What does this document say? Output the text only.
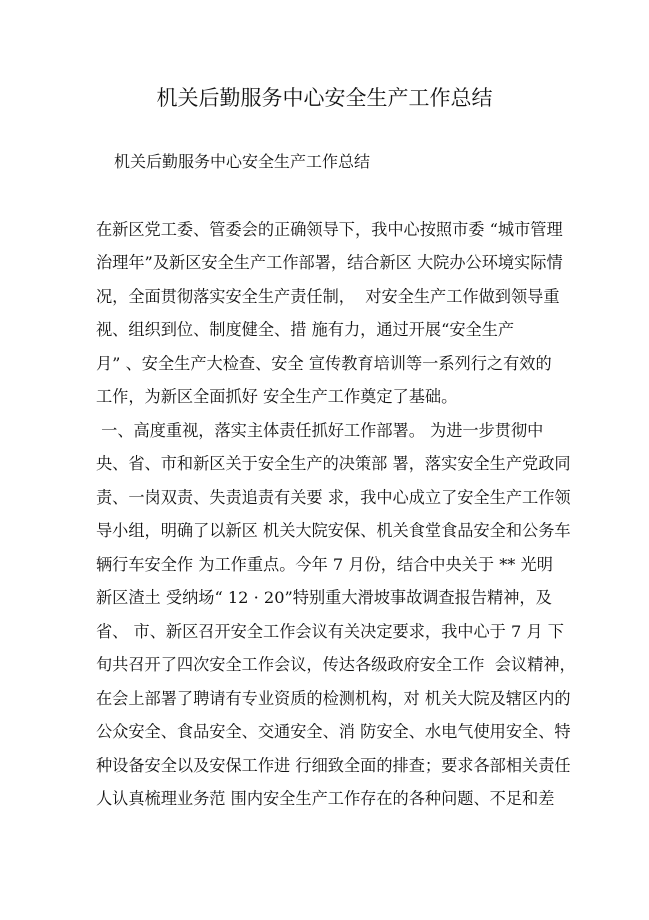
机关后勤服务中心安全生产工作总结
机关后勤服务中心安全生产工作总结
在新区党工委、管委会的正确领导下，我中心按照市委 “城市管理
治理年”及新区安全生产工作部署，结合新区 大院办公环境实际情
况，全面贯彻落实安全生产责任制，  对安全生产工作做到领导重
视、组织到位、制度健全、措 施有力，通过开展“安全生产
月” 、安全生产大检查、安全 宣传教育培训等一系列行之有效的
工作，为新区全面抓好 安全生产工作奠定了基础。
一、高度重视，落实主体责任抓好工作部署。 为进一步贯彻中
央、省、市和新区关于安全生产的决策部 署，落实安全生产党政同
责、一岗双责、失责追责有关要 求，我中心成立了安全生产工作领
导小组，明确了以新区 机关大院安保、机关食堂食品安全和公务车
辆行车安全作 为工作重点。今年 7 月份，结合中央关于 ** 光明
新区渣土 受纳场“ 12 · 20”特别重大滑坡事故调查报告精神，及
省、 市、新区召开安全工作会议有关决定要求，我中心于 7 月 下
旬共召开了四次安全工作会议，传达各级政府安全工作  会议精神，
在会上部署了聘请有专业资质的检测机构，对 机关大院及辖区内的
公众安全、食品安全、交通安全、消 防安全、水电气使用安全、特
种设备安全以及安保工作进 行细致全面的排查；要求各部相关责任
人认真梳理业务范 围内安全生产工作存在的各种问题、不足和差
